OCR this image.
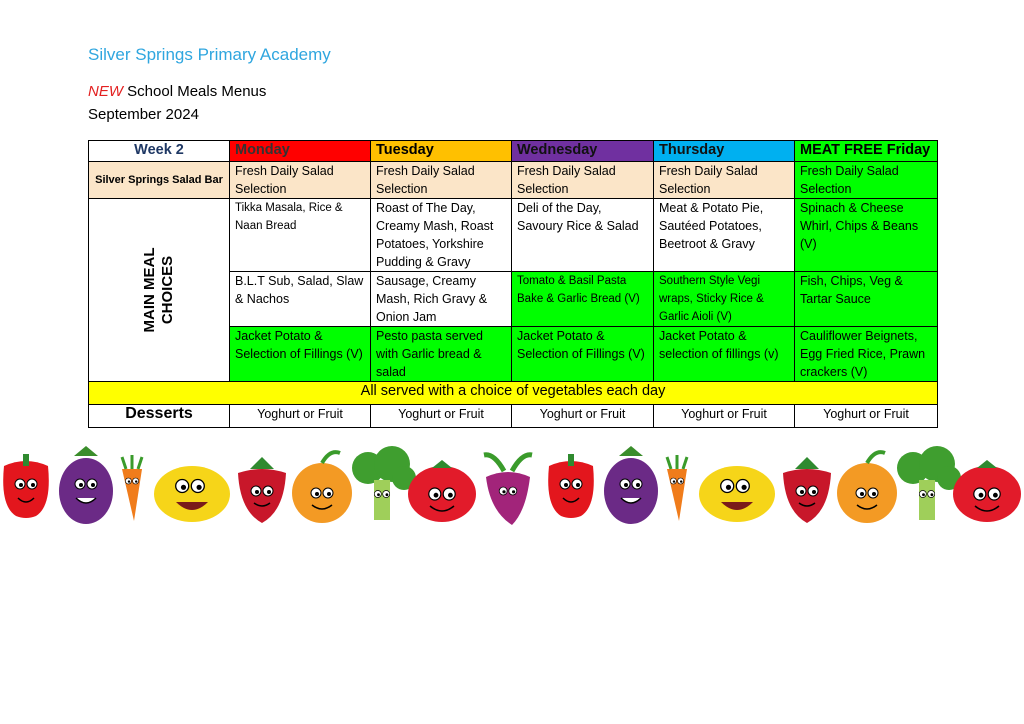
Silver Springs Primary Academy
NEW School Meals Menus
September 2024
Week 2	Monday	Tuesday	Wednesday	Thursday	MEAT FREE Friday
Silver Springs Salad Bar	Fresh Daily Salad Selection	Fresh Daily Salad Selection	Fresh Daily Salad Selection	Fresh Daily Salad Selection	Fresh Daily Salad Selection

MAIN MEAL
CHOICES	Tikka Masala, Rice & Naan Bread	Roast of The Day, Creamy Mash, Roast Potatoes, Yorkshire Pudding & Gravy	Deli of the Day, Savoury Rice & Salad	Meat & Potato Pie, Sautéed Potatoes, Beetroot & Gravy	Spinach & Cheese Whirl, Chips & Beans (V)
	B.L.T Sub, Salad, Slaw & Nachos	Sausage, Creamy Mash, Rich Gravy & Onion Jam	Tomato & Basil Pasta Bake & Garlic Bread (V)	Southern Style Vegi wraps, Sticky Rice & Garlic Aioli (V)	Fish, Chips, Veg & Tartar Sauce
	Jacket Potato & Selection of Fillings (V)	Pesto pasta served with Garlic bread & salad	Jacket Potato & Selection of Fillings (V)	Jacket Potato & selection of fillings (v)	Cauliflower Beignets, Egg Fried Rice, Prawn crackers (V)
All served with a choice of vegetables each day					
Desserts	Yoghurt or Fruit	Yoghurt or Fruit	Yoghurt or Fruit	Yoghurt or Fruit	Yoghurt or Fruit
